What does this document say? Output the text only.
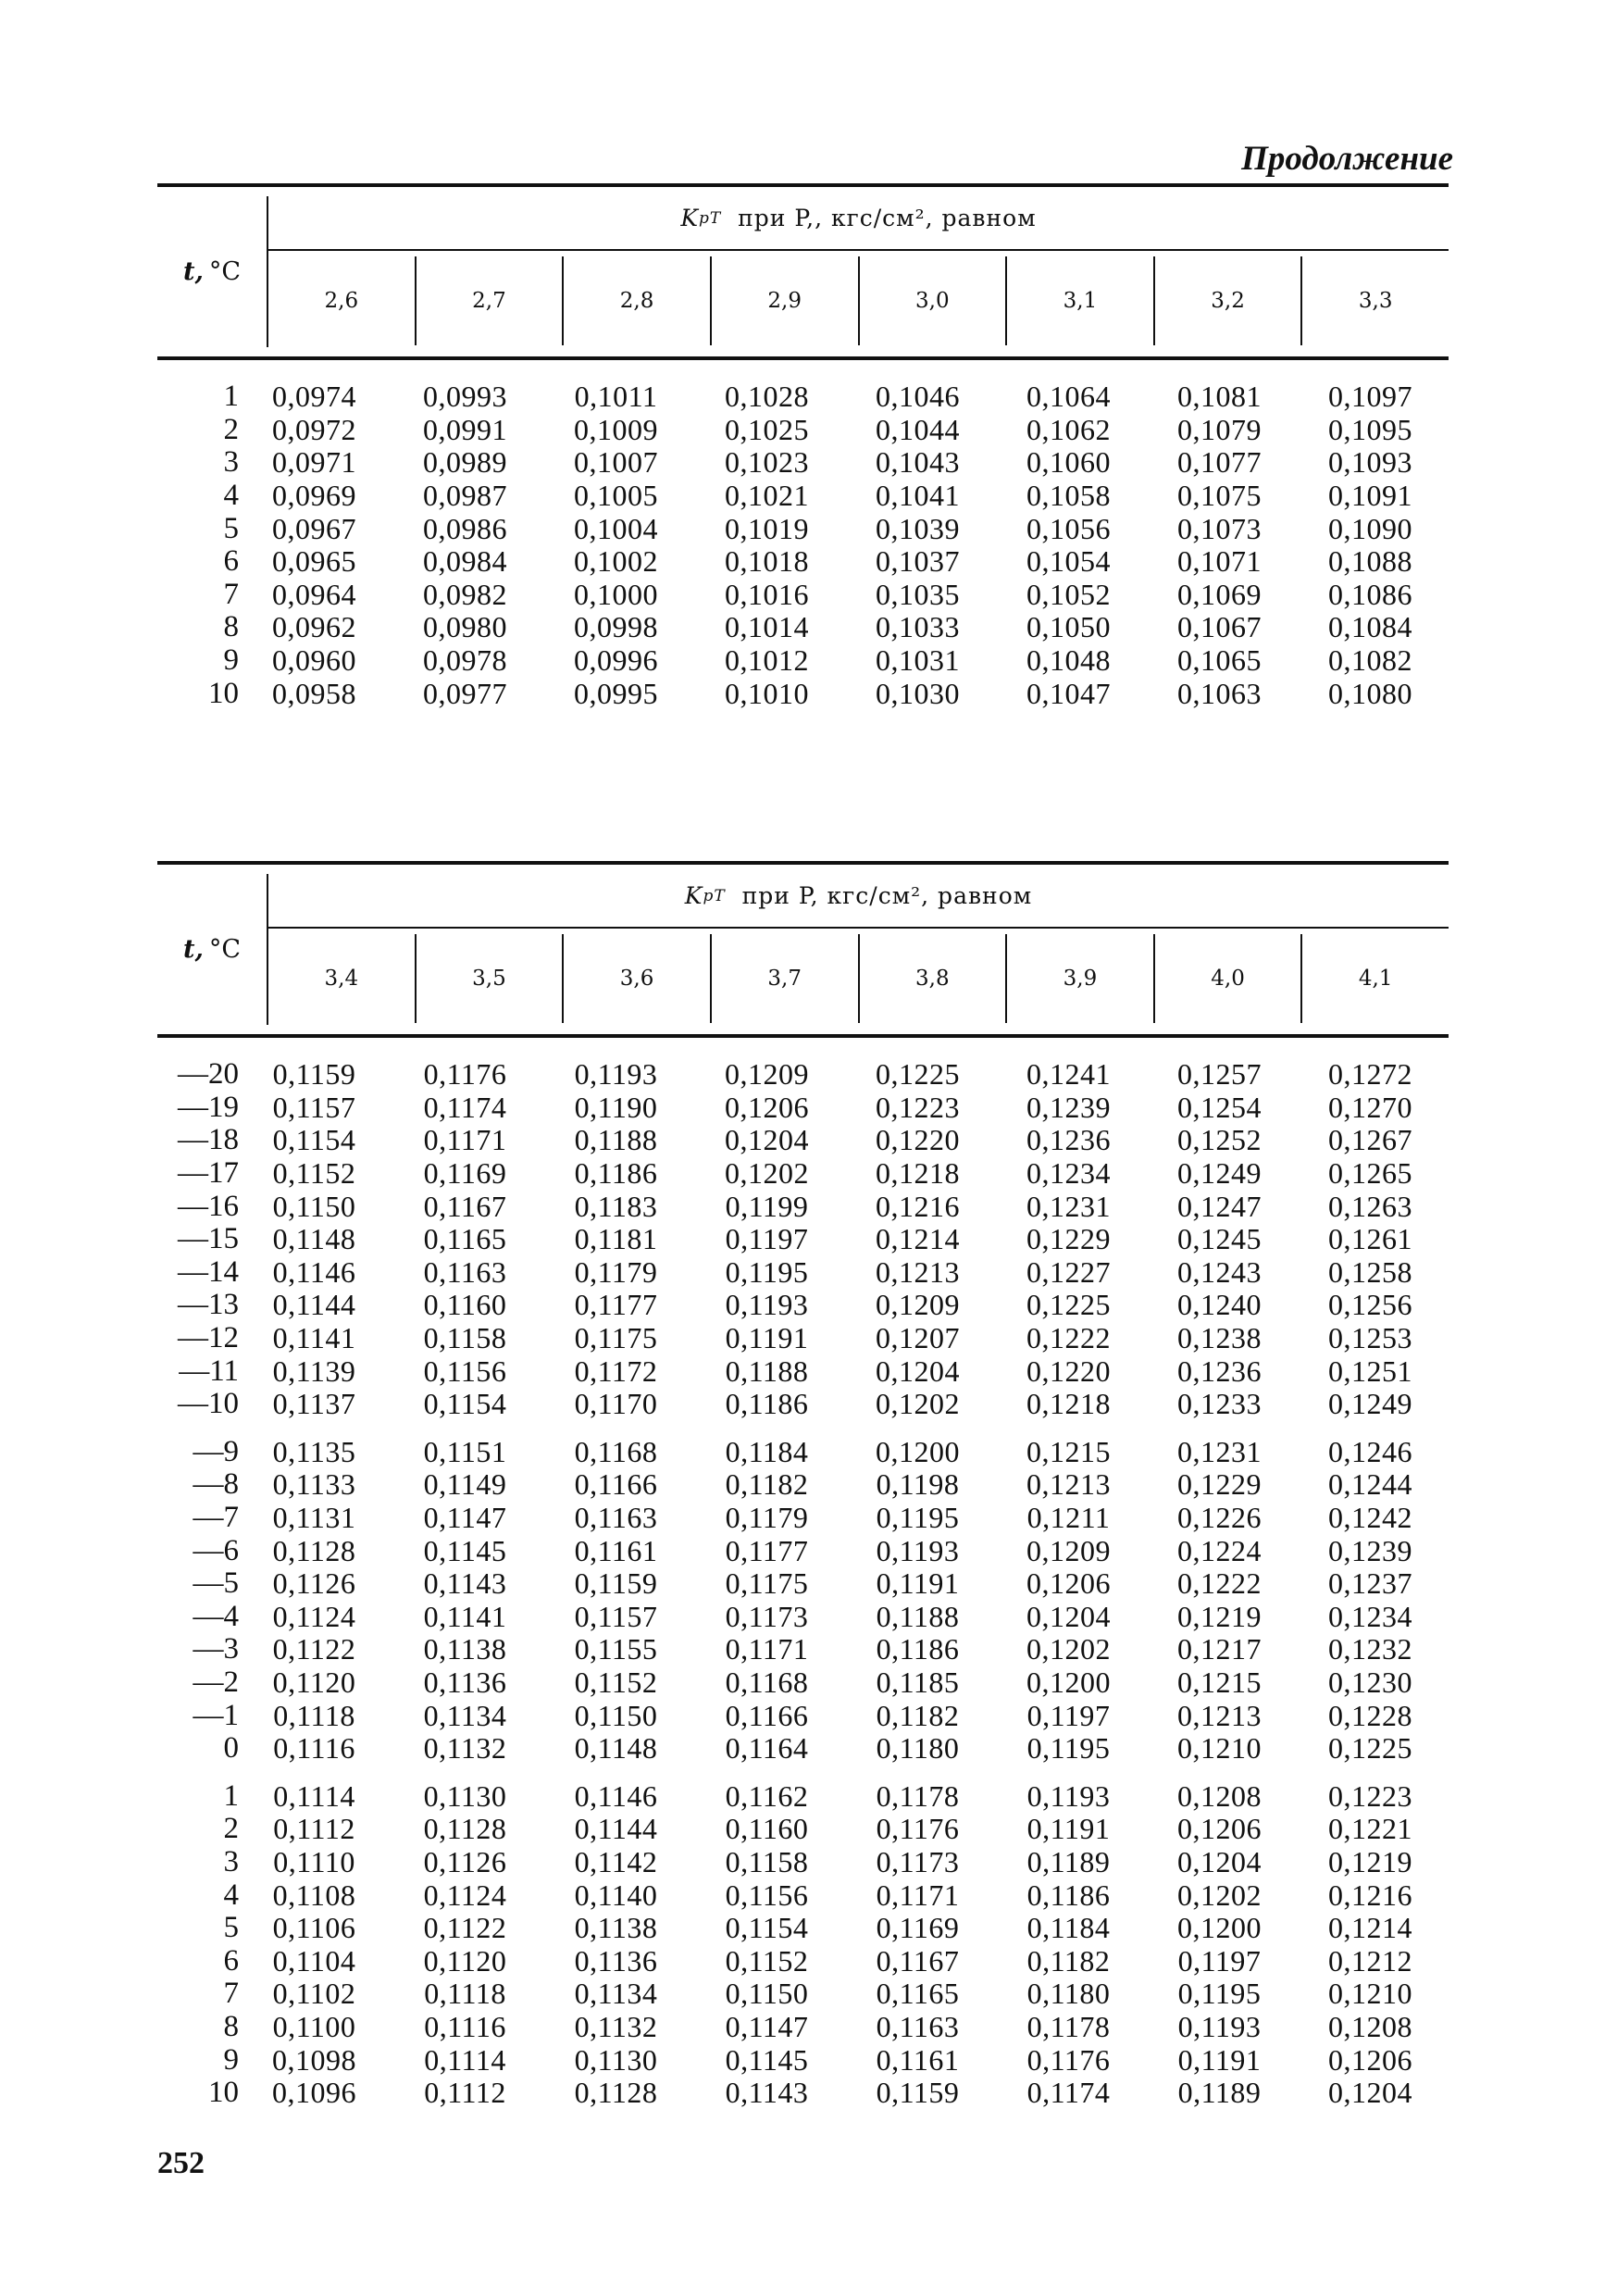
Продолжение
t, °C
K pT
при P,, кгс/см², равном
2,6	2,7	2,8	2,9	3,0	3,1	3,2	3,3
1	0,0974	0,0993	0,1011	0,1028	0,1046	0,1064	0,1081	0,1097
2	0,0972	0,0991	0,1009	0,1025	0,1044	0,1062	0,1079	0,1095
3	0,0971	0,0989	0,1007	0,1023	0,1043	0,1060	0,1077	0,1093
4	0,0969	0,0987	0,1005	0,1021	0,1041	0,1058	0,1075	0,1091
5	0,0967	0,0986	0,1004	0,1019	0,1039	0,1056	0,1073	0,1090
6	0,0965	0,0984	0,1002	0,1018	0,1037	0,1054	0,1071	0,1088
7	0,0964	0,0982	0,1000	0,1016	0,1035	0,1052	0,1069	0,1086
8	0,0962	0,0980	0,0998	0,1014	0,1033	0,1050	0,1067	0,1084
9	0,0960	0,0978	0,0996	0,1012	0,1031	0,1048	0,1065	0,1082
10	0,0958	0,0977	0,0995	0,1010	0,1030	0,1047	0,1063	0,1080
t, °C
K pT
при P, кгс/см², равном
3,4	3,5	3,6	3,7	3,8	3,9	4,0	4,1
—20	0,1159	0,1176	0,1193	0,1209	0,1225	0,1241	0,1257	0,1272
—19	0,1157	0,1174	0,1190	0,1206	0,1223	0,1239	0,1254	0,1270
—18	0,1154	0,1171	0,1188	0,1204	0,1220	0,1236	0,1252	0,1267
—17	0,1152	0,1169	0,1186	0,1202	0,1218	0,1234	0,1249	0,1265
—16	0,1150	0,1167	0,1183	0,1199	0,1216	0,1231	0,1247	0,1263
—15	0,1148	0,1165	0,1181	0,1197	0,1214	0,1229	0,1245	0,1261
—14	0,1146	0,1163	0,1179	0,1195	0,1213	0,1227	0,1243	0,1258
—13	0,1144	0,1160	0,1177	0,1193	0,1209	0,1225	0,1240	0,1256
—12	0,1141	0,1158	0,1175	0,1191	0,1207	0,1222	0,1238	0,1253
—11	0,1139	0,1156	0,1172	0,1188	0,1204	0,1220	0,1236	0,1251
—10	0,1137	0,1154	0,1170	0,1186	0,1202	0,1218	0,1233	0,1249
—9	0,1135	0,1151	0,1168	0,1184	0,1200	0,1215	0,1231	0,1246
—8	0,1133	0,1149	0,1166	0,1182	0,1198	0,1213	0,1229	0,1244
—7	0,1131	0,1147	0,1163	0,1179	0,1195	0,1211	0,1226	0,1242
—6	0,1128	0,1145	0,1161	0,1177	0,1193	0,1209	0,1224	0,1239
—5	0,1126	0,1143	0,1159	0,1175	0,1191	0,1206	0,1222	0,1237
—4	0,1124	0,1141	0,1157	0,1173	0,1188	0,1204	0,1219	0,1234
—3	0,1122	0,1138	0,1155	0,1171	0,1186	0,1202	0,1217	0,1232
—2	0,1120	0,1136	0,1152	0,1168	0,1185	0,1200	0,1215	0,1230
—1	0,1118	0,1134	0,1150	0,1166	0,1182	0,1197	0,1213	0,1228
0	0,1116	0,1132	0,1148	0,1164	0,1180	0,1195	0,1210	0,1225
1	0,1114	0,1130	0,1146	0,1162	0,1178	0,1193	0,1208	0,1223
2	0,1112	0,1128	0,1144	0,1160	0,1176	0,1191	0,1206	0,1221
3	0,1110	0,1126	0,1142	0,1158	0,1173	0,1189	0,1204	0,1219
4	0,1108	0,1124	0,1140	0,1156	0,1171	0,1186	0,1202	0,1216
5	0,1106	0,1122	0,1138	0,1154	0,1169	0,1184	0,1200	0,1214
6	0,1104	0,1120	0,1136	0,1152	0,1167	0,1182	0,1197	0,1212
7	0,1102	0,1118	0,1134	0,1150	0,1165	0,1180	0,1195	0,1210
8	0,1100	0,1116	0,1132	0,1147	0,1163	0,1178	0,1193	0,1208
9	0,1098	0,1114	0,1130	0,1145	0,1161	0,1176	0,1191	0,1206
10	0,1096	0,1112	0,1128	0,1143	0,1159	0,1174	0,1189	0,1204
252
